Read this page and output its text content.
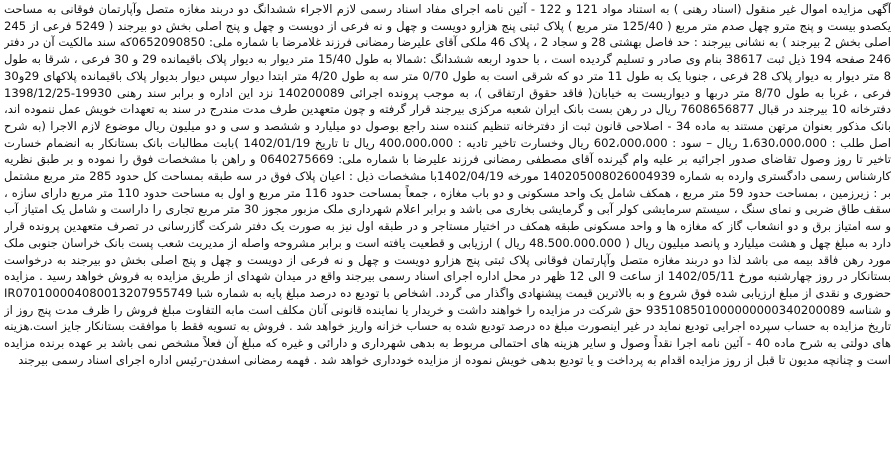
آگهی مزایده اموال غیر منقول (اسناد رهنی ) به استناد مواد 121 و 122 - آئین نامه اجرای مفاد اسناد رسمی لازم الاجراء ششدانگ دو دربند مغازه متصل وآپارتمان فوقانی به مساحت یکصدو بیست و پنج مترو چهل صدم متر مربع ( 125/40 متر مربع ) پلاک ثبتی پنج هزارو دویست و چهل و نه فرعی از دویست و چهل و پنج اصلی بخش دو بیرجند ( 5249 فرعی از 245 اصلی بخش 2 بیرجند ) به نشانی بیرجند : حد فاصل بهشتی 28 و سجاد 2 ، پلاک 46 ملکی آقای علیرضا رمضانی فرزند غلامرضا با شماره ملی: 0652090850که سند مالکیت آن در دفتر 246 صفحه 194 ذیل ثبت 38617 بنام وی صادر و تسلیم گردیده است ، با حدود اربعه ششدانگ :شمالا به طول 15/40 متر دیوار به دیوار پلاک باقیمانده 29 و 30 فرعی ، شرقا به طول 8 متر دیوار به دیوار پلاک 28 فرعی ، جنوبا یک به طول 11 متر دو که شرقی است به طول 0/70 متر سه به طول 4/20 متر ابتدا دیوار سپس دیوار بدیوار پلاک باقیمانده پلاکهای 29و30 فرعی ، غربا به طول 8/70 متر دربها و دیواریست به خیابان( فاقد حقوق ارتفاقی )، به موجب پرونده اجرائی 140200089 نزد این اداره و برابر سند رهنی 19930-1398/12/25 دفترخانه 10 بیرجند در قبال 7608656877 ریال در رهن بست بانک ایران شعبه مرکزی بیرجند قرار گرفته و چون متعهدین طرف مدت مندرج در سند به تعهدات خویش عمل ننموده اند، بانک مذکور بعنوان مرتهن مستند به ماده 34 - اصلاحی قانون ثبت از دفترخانه تنظیم کننده سند راجع بوصول دو میلیارد و ششصد و سی و دو میلیون ریال موضوع لازم الاجرا (به شرح اصل طلب : 1،630،000،000 ریال – سود : 602،000،000 ریال وخسارت تاخیر تادیه : 400،000،000 ریال تا تاریخ 1402/01/19 )بابت مطالبات بانک بستانکار به انضمام خسارت تاخیر تا روز وصول تقاضای صدور اجرائیه بر علیه وام گیرنده آقای مصطفی رمضانی فرزند علیرضا با شماره ملی: 0640275669 و راهن با مشخصات فوق را نموده و بر طبق نظریه کارشناس رسمی دادگستری وارده به شماره 14020500802600493‌9 مورخه 1402/04/19با مشخصات ذیل : اعیان پلاک فوق در سه طبقه بمساحت کل حدود 285 متر مربع مشتمل بر : زیرزمین ، بمساحت حدود 59 متر مربع ، همکف شامل یک واحد مسکونی و دو باب مغازه ، جمعاً بمساحت حدود 116 متر مربع و اول به مساحت حدود 110 متر مربع دارای سازه ، سقف طاق ضربی و نمای سنگ ، سیستم سرمایشی کولر آبی و گرمایشی بخاری می باشد و برابر اعلام شهرداری ملک مزبور مجوز 30 متر مربع تجاری را داراست و شامل یک امتیاز آب و سه امتیاز برق و دو انشعاب گاز که مغازه ها و واحد مسکونی طبقه همکف در اختیار مستاجر و در طبقه اول نیز به صورت یک دفتر شرکت گازرسانی در تصرف متعهدین پرونده قرار دارد به مبلغ چهل و هشت میلیارد و پانصد میلیون ریال ( 48.500.000.000 ریال ) ارزیابی و قطعیت یافته است و برابر مشروحه واصله از مدیریت شعب پست بانک خراسان جنوبی ملک مورد رهن فاقد بیمه می باشد لذا دو دربند مغازه متصل وآپارتمان فوقانی پلاک ثبتی پنج هزارو دویست و چهل و نه فرعی از دویست و چهل و پنج اصلی بخش دو بیرجند به درخواست بستانکار در روز چهارشنبه مورخ 1402/05/11 از ساعت 9 الی 12 ظهر در محل اداره اجرای اسناد رسمی بیرجند واقع در میدان شهدای از طریق مزایده به فروش خواهد رسید . مزایده حضوری و نقدی از مبلغ ارزیابی شده فوق شروع و به بالاترین قیمت پیشنهادی واگذار می گردد. اشخاص با تودیع ده درصد مبلغ پایه به شماره شبا IR070100004080013207955749 و شناسه 935108501000000000340200089 حق شرکت در مزایده را خواهند داشت و خریدار یا نماینده قانونی آنان مکلف است مابه التفاوت مبلغ فروش را ظرف مدت پنج روز از تاریخ مزایده به حساب سپرده اجرایی تودیع نماید در غیر اینصورت مبلغ ده درصد تودیع شده به حساب خزانه واریز خواهد شد . فروش به تسویه فقط با موافقت بستانکار جایز است.هزینه های دولتی به شرح ماده 40 - آئین نامه اجرا نقداً وصول و سایر هزینه های احتمالی مربوط به بدهی شهرداری و دارائی و غیره که مبلغ آن فعلاً مشخص نمی باشد بر عهده برنده مزایده است و چنانچه مدیون تا قبل از روز مزایده اقدام به پرداخت و یا تودیع بدهی خویش نموده از مزایده خودداری خواهد شد . فهمه رمضانی اسفدن-رئیس اداره اجرای اسناد رسمی بیرجند
